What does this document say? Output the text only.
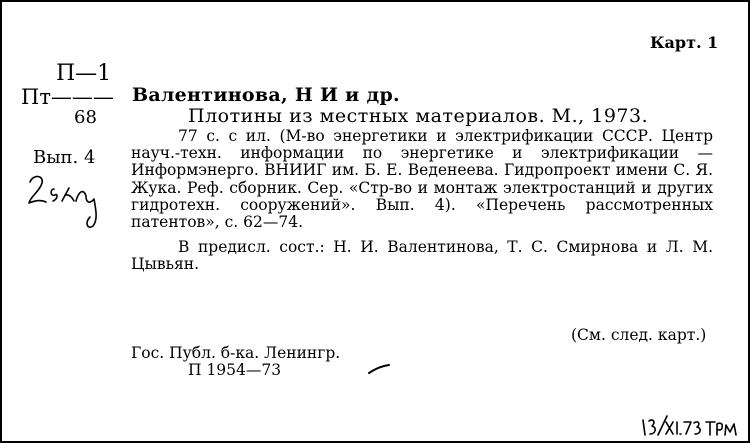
Карт. 1
П—1
Пт———
68
Вып. 4
Валентинова, Н И и др.
Плотины из местных материалов. М., 1973.
77 с. с ил. (М-во энергетики и электрификации СССР. Центр науч.-техн. информации по энергетике и электрификации — Информэнерго. ВНИИГ им. Б. Е. Веденеева. Гидропроект имени С. Я. Жука. Реф. сборник. Сер. «Стр-во и монтаж электростанций и других гидротехн. сооружений». Вып. 4). «Перечень рассмотренных патентов», с. 62—74.
В предисл. сост.: Н. И. Валентинова, Т. С. Смирнова и Л. М. Цывьян.
(См. след. карт.)
Гос. Публ. б-ка. Ленингр.
П 1954—73
